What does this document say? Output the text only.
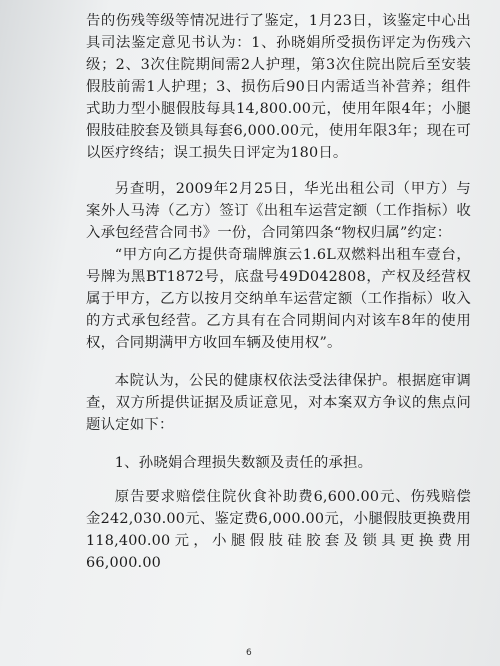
告的伤残等级等情况进行了鉴定，1月23日，该鉴定中心出具司法鉴定意见书认为：1、孙晓娟所受损伤评定为伤残六级；2、3次住院期间需2人护理，第3次住院出院后至安装假肢前需1人护理；3、损伤后90日内需适当补营养；组件式助力型小腿假肢每具14,800.00元，使用年限4年；小腿假肢硅胶套及锁具每套6,000.00元，使用年限3年；现在可以医疗终结；误工损失日评定为180日。

另查明，2009年2月25日，华光出租公司（甲方）与案外人马涛（乙方）签订《出租车运营定额（工作指标）收入承包经营合同书》一份，合同第四条“物权归属”约定：

“甲方向乙方提供奇瑞牌旗云1.6L双燃料出租车壹台，号牌为黑BT1872号，底盘号49D042808，产权及经营权属于甲方，乙方以按月交纳单车运营定额（工作指标）收入的方式承包经营。乙方具有在合同期间内对该车8年的使用权，合同期满甲方收回车辆及使用权”。

本院认为，公民的健康权依法受法律保护。根据庭审调查，双方所提供证据及质证意见，对本案双方争议的焦点问题认定如下：

1、孙晓娟合理损失数额及责任的承担。

原告要求赔偿住院伙食补助费6,600.00元、伤残赔偿金242,030.00元、鉴定费6,000.00元，小腿假肢更换费用118,400.00元，小腿假肢硅胶套及锁具更换费用66,000.00

6
